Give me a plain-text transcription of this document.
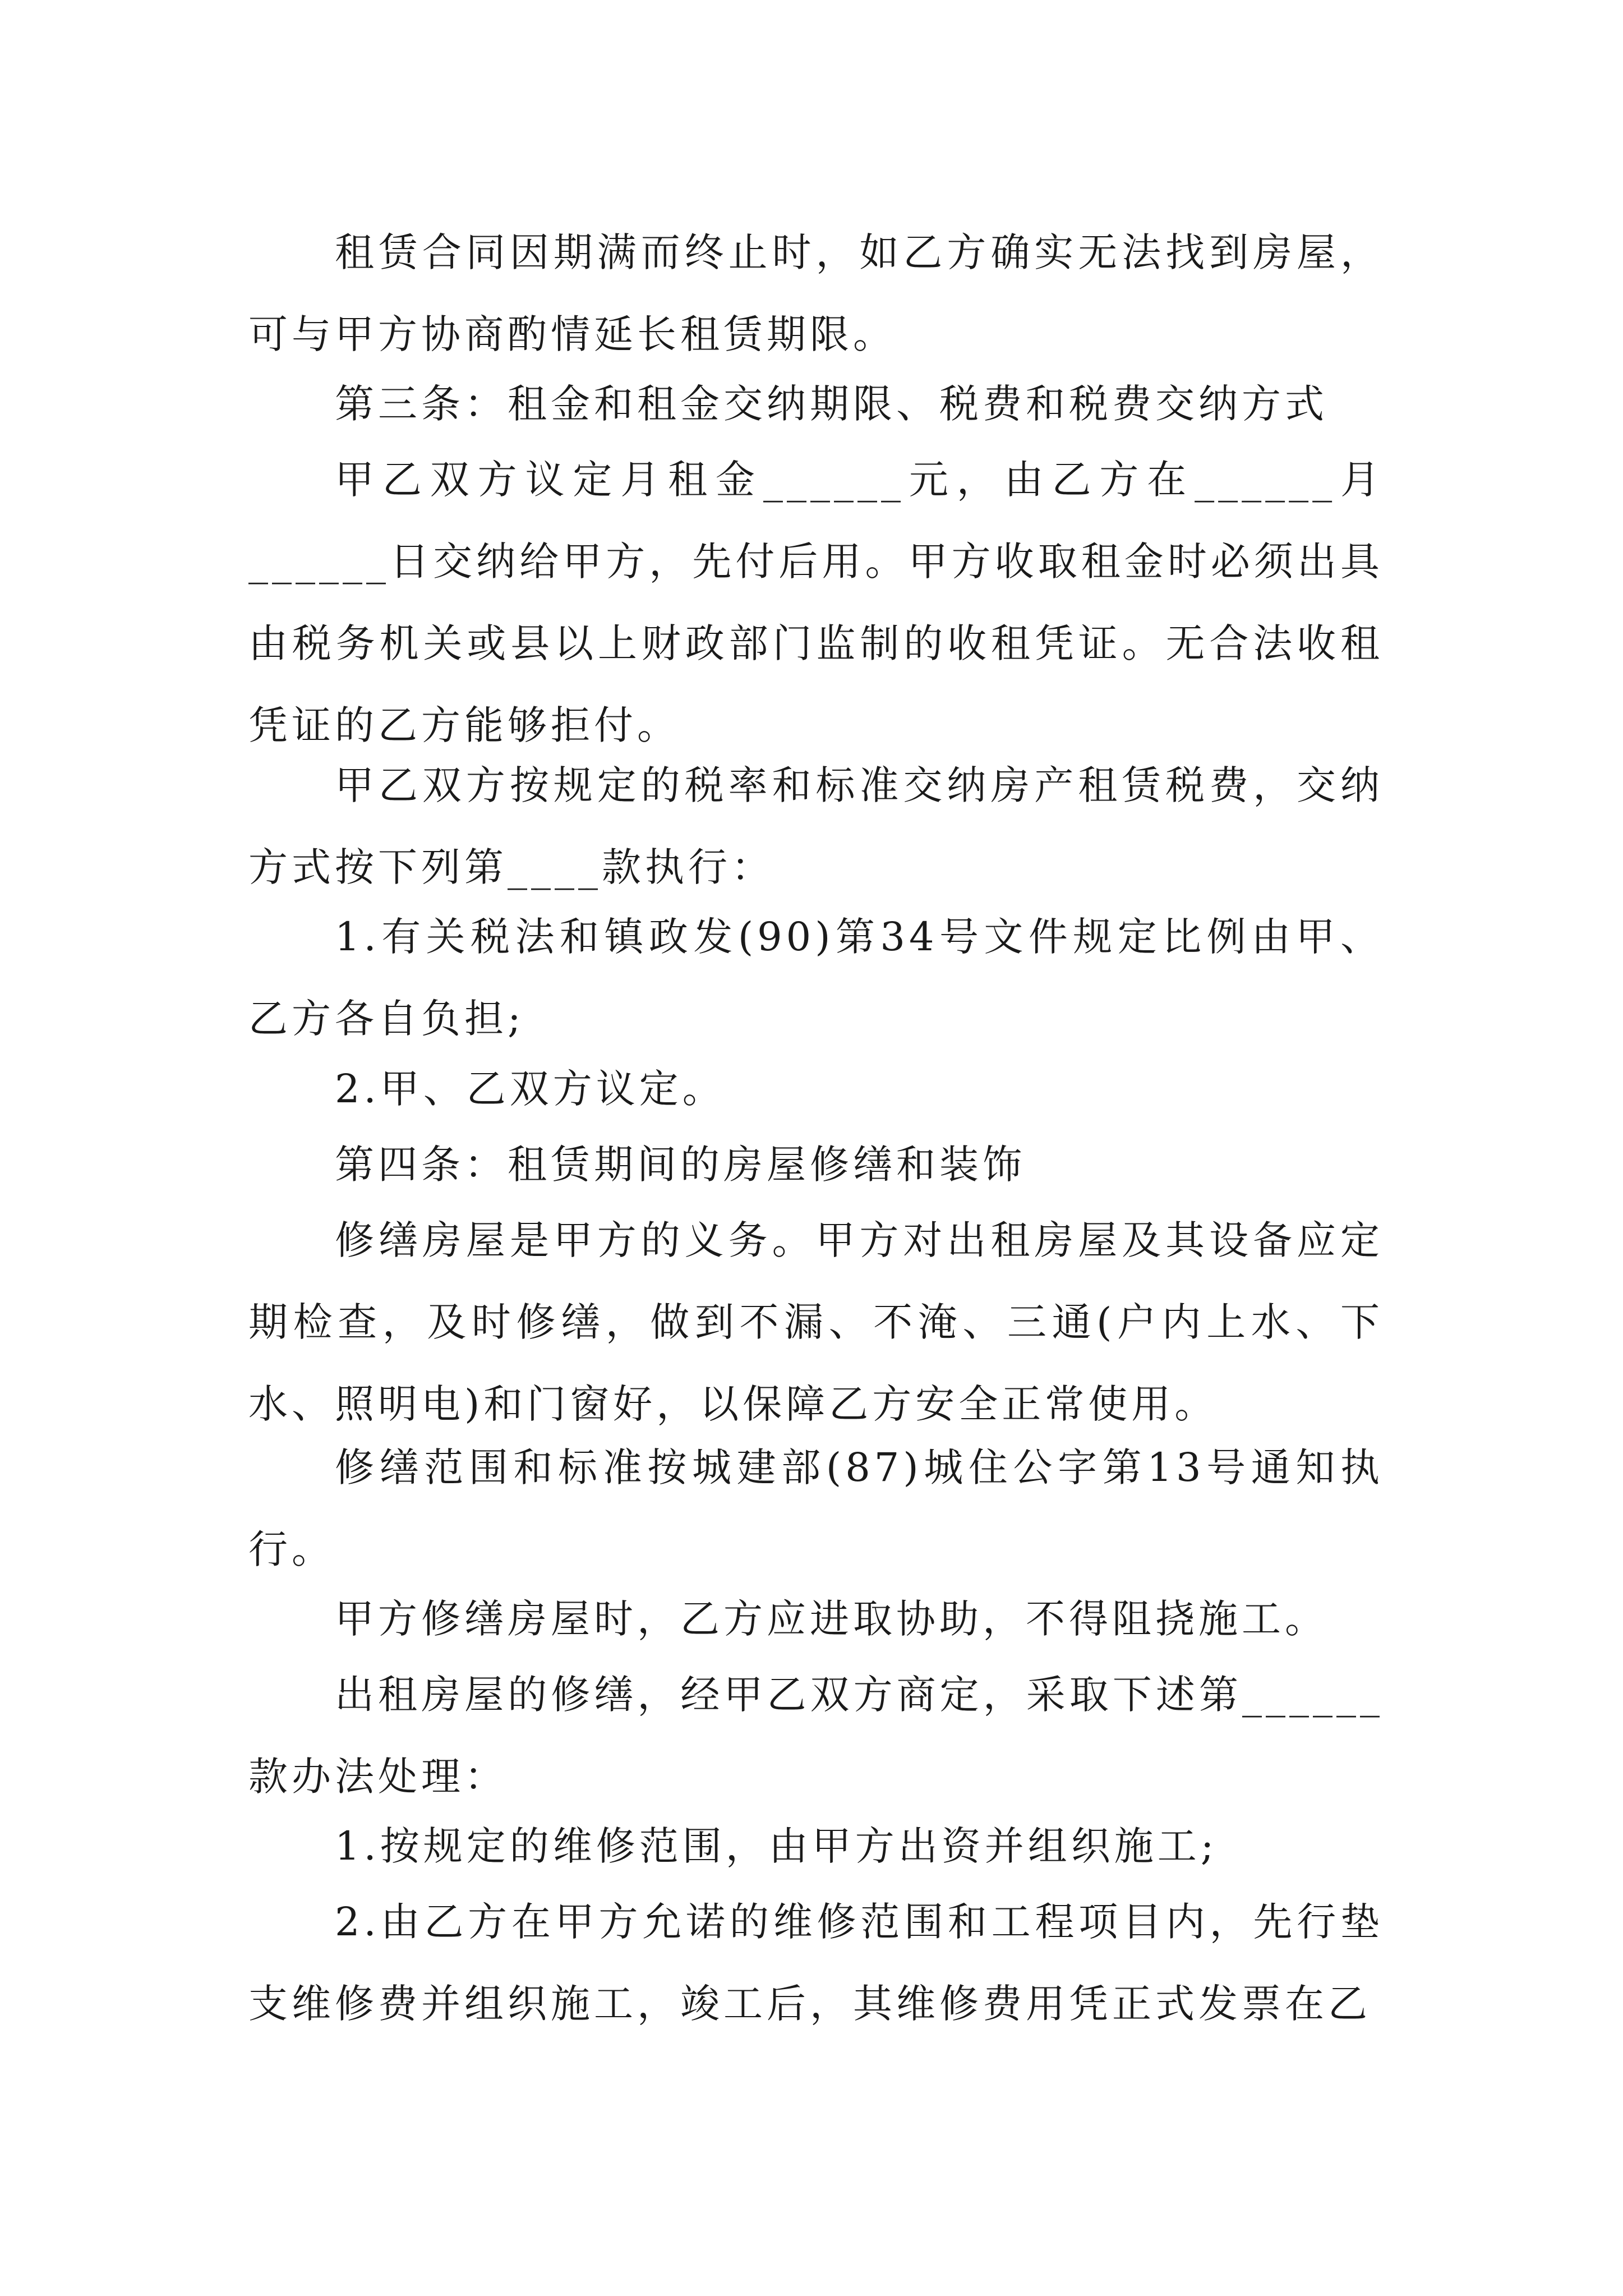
租赁合同因期满而终止时，如乙方确实无法找到房屋，可与甲方协商酌情延长租赁期限。

第三条：租金和租金交纳期限、税费和税费交纳方式

甲乙双方议定月租金______元，由乙方在______月______日交纳给甲方，先付后用。甲方收取租金时必须出具由税务机关或县以上财政部门监制的收租凭证。无合法收租凭证的乙方能够拒付。

甲乙双方按规定的税率和标准交纳房产租赁税费，交纳方式按下列第____款执行：

1.有关税法和镇政发(90)第34号文件规定比例由甲、乙方各自负担;

2.甲、乙双方议定。

第四条：租赁期间的房屋修缮和装饰

修缮房屋是甲方的义务。甲方对出租房屋及其设备应定期检查，及时修缮，做到不漏、不淹、三通(户内上水、下水、照明电)和门窗好，以保障乙方安全正常使用。

修缮范围和标准按城建部(87)城住公字第13号通知执行。

甲方修缮房屋时，乙方应进取协助，不得阻挠施工。

出租房屋的修缮，经甲乙双方商定，采取下述第______款办法处理：

1.按规定的维修范围，由甲方出资并组织施工;

2.由乙方在甲方允诺的维修范围和工程项目内，先行垫支维修费并组织施工，竣工后，其维修费用凭正式发票在乙
